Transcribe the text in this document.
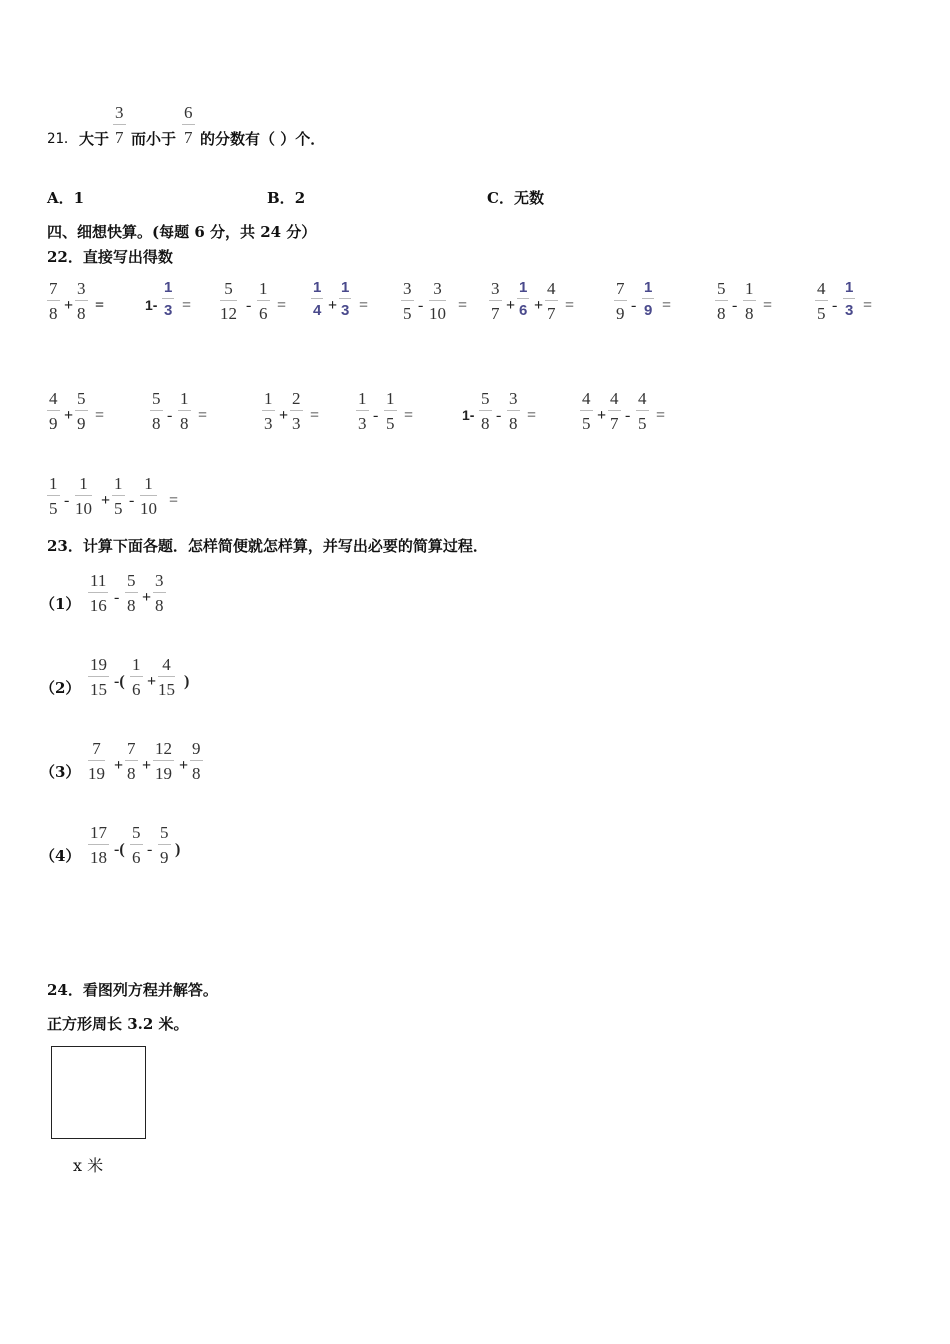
21． 大于 $\frac{3}{7}$ 而小于 $\frac{6}{7}$ 的分数有（ ）个．
A．1	B．2	C．无数
四、细想快算。(每题 6 分，共 24 分）
22．直接写出得数
$\frac{7}{8} + \frac{3}{8}$ =	$1- \frac{1}{3} = \frac{5}{12} - \frac{1}{6} = \frac{1}{4} + \frac{1}{3} = \frac{3}{5} - \frac{3}{10} = \frac{3}{7} + \frac{1}{6} + \frac{4}{7} = \frac{7}{9} - \frac{1}{9}$ =	$\frac{5}{8} - \frac{1}{8}$ =	$\frac{4}{5} - \frac{1}{3}$ =
$\frac{4}{9} + \frac{5}{9}$ =	$\frac{5}{8} - \frac{1}{8}$ =	$\frac{1}{3} + \frac{2}{3} = \frac{1}{3} - \frac{1}{5}$ =	$1- \frac{5}{8} - \frac{3}{8}$ =	$\frac{4}{5} + \frac{4}{7} - \frac{4}{5}$ =
$\frac{1}{5} - \frac{1}{10} + \frac{1}{5} - \frac{1}{10}$ =
23．计算下面各题．怎样简便就怎样算，并写出必要的简算过程．
$(1) \frac{11}{16} - \frac{5}{8} + \frac{3}{8}$
$(2) \frac{19}{15}$ -( $\frac{1}{6} + \frac{4}{15}$ )
$(3) \frac{7}{19} + \frac{7}{8} + \frac{12}{19} + \frac{9}{8}$
$(4) \frac{17}{18}$ -( $\frac{5}{6} - \frac{5}{9}$ )
24．看图列方程并解答。
正方形周长 3.2 米。
x 米
